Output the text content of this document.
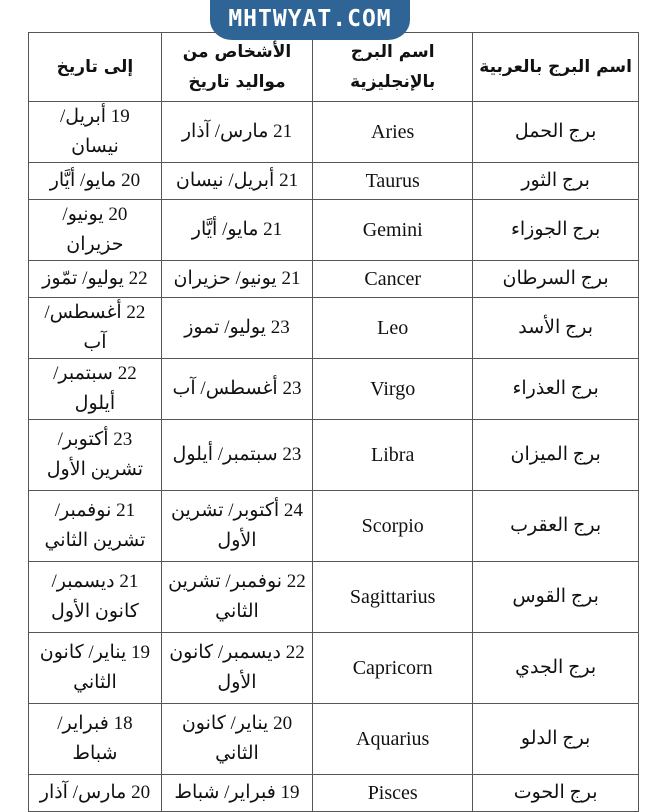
MHTWYAT.COM
اسم البرج بالعربية	اسم البرج بالإنجليزية	الأشخاص من مواليد تاريخ	إلى تاريخ
برج الحمل	Aries	21 مارس/ آذار	19 أبريل/ نيسان
برج الثور	Taurus	21 أبريل/ نيسان	20 مايو/ أيَّار
برج الجوزاء	Gemini	21 مايو/ أيَّار	20 يونيو/ حزيران
برج السرطان	Cancer	21 يونيو/ حزيران	22 يوليو/ تمّوز
برج الأسد	Leo	23 يوليو/ تموز	22 أغسطس/ آب
برج العذراء	Virgo	23 أغسطس/ آب	22 سبتمبر/ أيلول
برج الميزان	Libra	23 سبتمبر/ أيلول	23 أكتوبر/ تشرين الأول
برج العقرب	Scorpio	24 أكتوبر/ تشرين الأول	21 نوفمبر/ تشرين الثاني
برج القوس	Sagittarius	22 نوفمبر/ تشرين الثاني	21 ديسمبر/ كانون الأول
برج الجدي	Capricorn	22 ديسمبر/ كانون الأول	19 يناير/ كانون الثاني
برج الدلو	Aquarius	20 يناير/ كانون الثاني	18 فبراير/ شباط
برج الحوت	Pisces	19 فبراير/ شباط	20 مارس/ آذار
